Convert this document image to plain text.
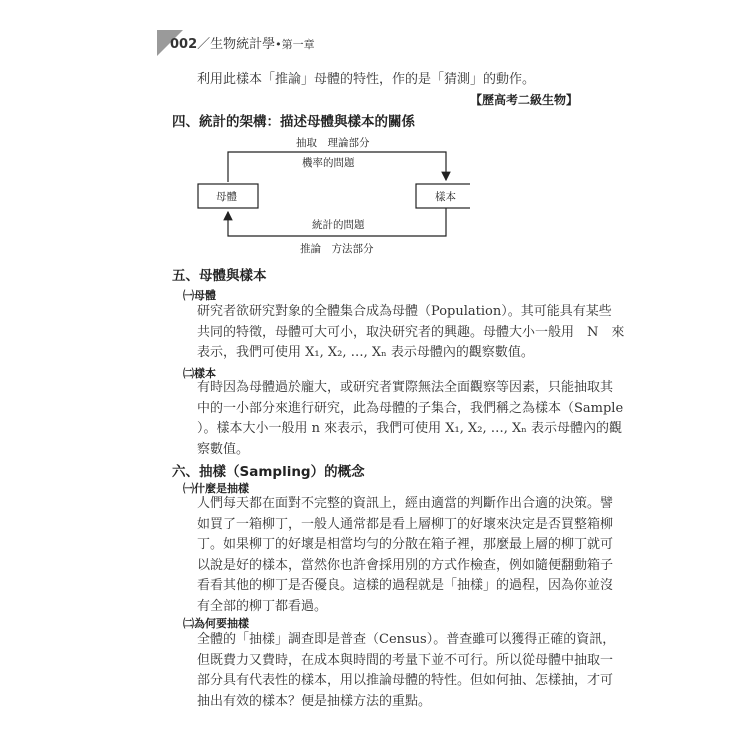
002／生物統計學•第一章
利用此樣本「推論」母體的特性，作的是「猜測」的動作。
【歷高考二級生物】
四、統計的架構：描述母體與樣本的關係
抽取　理論部分
機率的問題
母體	樣本
統計的問題
推論　方法部分
五、母體與樣本
㈠母體
研究者欲研究對象的全體集合成為母體（Population）。其可能具有某些
共同的特徵，母體可大可小，取決研究者的興趣。母體大小一般用　N　來
表示，我們可使用 X₁, X₂, …, Xₙ 表示母體內的觀察數值。
㈡樣本
有時因為母體過於龐大，或研究者實際無法全面觀察等因素，只能抽取其
中的一小部分來進行研究，此為母體的子集合，我們稱之為樣本（Sample
）。樣本大小一般用 n 來表示，我們可使用 X₁, X₂, …, Xₙ 表示母體內的觀
察數值。
六、抽樣（Sampling）的概念
㈠什麼是抽樣
人們每天都在面對不完整的資訊上，經由適當的判斷作出合適的決策。譬
如買了一箱柳丁，一般人通常都是看上層柳丁的好壞來決定是否買整箱柳
丁。如果柳丁的好壞是相當均勻的分散在箱子裡，那麼最上層的柳丁就可
以說是好的樣本，當然你也許會採用別的方式作檢查，例如隨便翻動箱子
看看其他的柳丁是否優良。這樣的過程就是「抽樣」的過程，因為你並沒
有全部的柳丁都看過。
㈡為何要抽樣
全體的「抽樣」調查即是普查（Census）。普查雖可以獲得正確的資訊，
但既費力又費時，在成本與時間的考量下並不可行。所以從母體中抽取一
部分具有代表性的樣本，用以推論母體的特性。但如何抽、怎樣抽，才可
抽出有效的樣本？便是抽樣方法的重點。
